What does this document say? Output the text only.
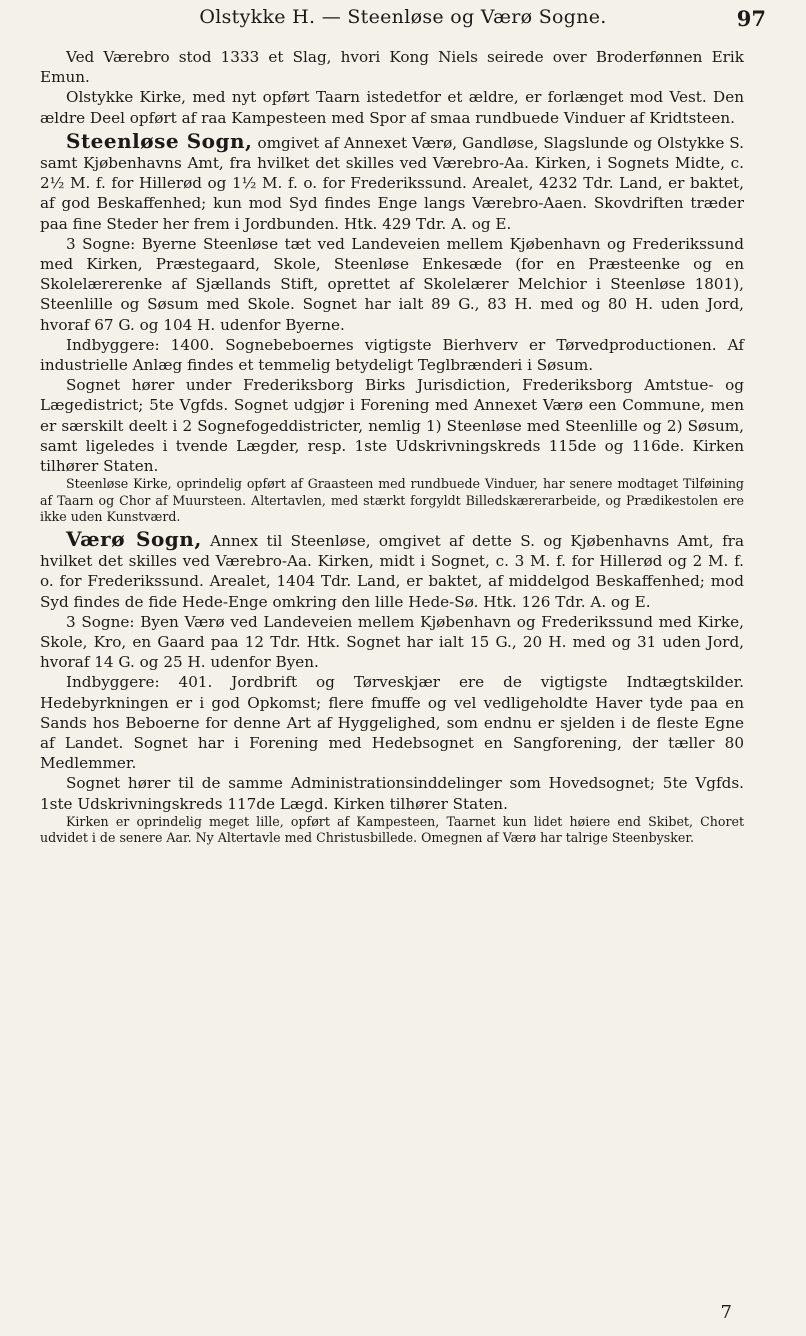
Olstykke H. — Steenløse og Værø Sogne.	97

Ved Værebro stod 1333 et Slag, hvori Kong Niels seirede over Broderfønnen Erik Emun.

Olstykke Kirke, med nyt opført Taarn istedetfor et ældre, er forlænget mod Vest. Den ældre Deel opført af raa Kampesteen med Spor af smaa rundbuede Vinduer af Kridtsteen.

Steenløse Sogn, omgivet af Annexet Værø, Gandløse, Slagslunde og Olstykke S. samt Kjøbenhavns Amt, fra hvilket det skilles ved Værebro-Aa. Kirken, i Sognets Midte, c. 2½ M. f. for Hillerød og 1½ M. f. o. for Frederikssund. Arealet, 4232 Tdr. Land, er baktet, af god Beskaffenhed; kun mod Syd findes Enge langs Værebro-Aaen. Skovdriften træder paa fine Steder her frem i Jordbunden. Htk. 429 Tdr. A. og E.

3 Sogne: Byerne Steenløse tæt ved Landeveien mellem Kjøbenhavn og Frederikssund med Kirken, Præstegaard, Skole, Steenløse Enkesæde (for en Præsteenke og en Skolelærerenke af Sjællands Stift, oprettet af Skolelærer Melchior i Steenløse 1801), Steenlille og Søsum med Skole. Sognet har ialt 89 G., 83 H. med og 80 H. uden Jord, hvoraf 67 G. og 104 H. udenfor Byerne.

Indbyggere: 1400. Sognebeboernes vigtigste Bierhverv er Tørvedproductionen. Af industrielle Anlæg findes et temmelig betydeligt Teglbrænderi i Søsum.

Sognet hører under Frederiksborg Birks Jurisdiction, Frederiksborg Amtstue- og Lægedistrict; 5te Vgfds. Sognet udgjør i Forening med Annexet Værø een Commune, men er særskilt deelt i 2 Sognefogeddistricter, nemlig 1) Steenløse med Steenlille og 2) Søsum, samt ligeledes i tvende Lægder, resp. 1ste Udskrivningskreds 115de og 116de. Kirken tilhører Staten.

Steenløse Kirke, oprindelig opført af Graasteen med rundbuede Vinduer, har senere modtaget Tilføining af Taarn og Chor af Muursteen. Altertavlen, med stærkt forgyldt Billedskærerarbeide, og Prædikestolen ere ikke uden Kunstværd.

Værø Sogn, Annex til Steenløse, omgivet af dette S. og Kjøbenhavns Amt, fra hvilket det skilles ved Værebro-Aa. Kirken, midt i Sognet, c. 3 M. f. for Hillerød og 2 M. f. o. for Frederikssund. Arealet, 1404 Tdr. Land, er baktet, af middelgod Beskaffenhed; mod Syd findes de fide Hede-Enge omkring den lille Hede-Sø. Htk. 126 Tdr. A. og E.

3 Sogne: Byen Værø ved Landeveien mellem Kjøbenhavn og Frederikssund med Kirke, Skole, Kro, en Gaard paa 12 Tdr. Htk. Sognet har ialt 15 G., 20 H. med og 31 uden Jord, hvoraf 14 G. og 25 H. udenfor Byen.

Indbyggere: 401. Jordbrift og Tørveskjær ere de vigtigste Indtægtskilder. Hedebyrkningen er i god Opkomst; flere fmuffe og vel vedligeholdte Haver tyde paa en Sands hos Beboerne for denne Art af Hyggelighed, som endnu er sjelden i de fleste Egne af Landet. Sognet har i Forening med Hedebsognet en Sangforening, der tæller 80 Medlemmer.

Sognet hører til de samme Administrationsinddelinger som Hovedsognet; 5te Vgfds. 1ste Udskrivningskreds 117de Lægd. Kirken tilhører Staten.

Kirken er oprindelig meget lille, opført af Kampesteen, Taarnet kun lidet høiere end Skibet, Choret udvidet i de senere Aar. Ny Altertavle med Christusbillede. Omegnen af Værø har talrige Steenbysker.

7
